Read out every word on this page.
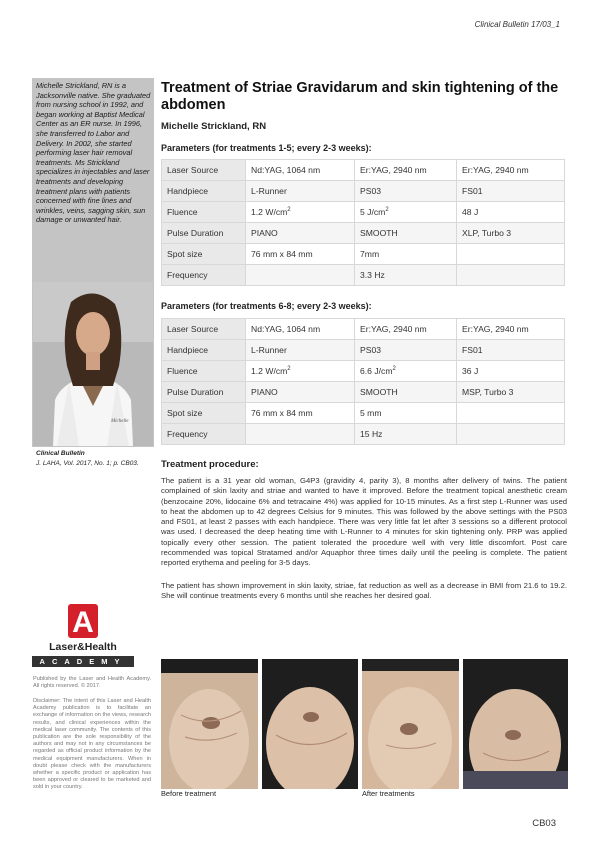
Clinical Bulletin 17/03_1
Michelle Strickland, RN is a Jacksonville native. She graduated from nursing school in 1992, and began working at Baptist Medical Center as an ER nurse. In 1996, she transferred to Labor and Delivery. In 2002, she started performing laser hair removal treatments. Ms Strickland specializes in injectables and laser treatments and developing treatment plans with patients concerned with fine lines and wrinkles, veins, sagging skin, sun damage or unwanted hair.
Michelle
Clinical Bulletin
J. LAHA, Vol. 2017, No. 1; p. CB03.
Treatment of Striae Gravidarum and skin tightening of the abdomen
Michelle Strickland, RN
Parameters (for treatments 1-5; every 2-3 weeks):
Laser Source	Nd:YAG, 1064 nm	Er:YAG, 2940 nm	Er:YAG, 2940 nm
Handpiece	L-Runner	PS03	FS01
Fluence	1.2 $W/cm^2$	5 $J/cm^2$	48 J
Pulse Duration	PIANO	SMOOTH	XLP, Turbo 3
Spot size	76 mm x 84 mm	7mm	
Frequency		3.3 Hz	
Parameters (for treatments 6-8; every 2-3 weeks):
Laser Source	Nd:YAG, 1064 nm	Er:YAG, 2940 nm	Er:YAG, 2940 nm
Handpiece	L-Runner	PS03	FS01
Fluence	1.2 $W/cm^2$	6.6 $J/cm^2$	36 J
Pulse Duration	PIANO	SMOOTH	MSP, Turbo 3
Spot size	76 mm x 84 mm	5 mm	
Frequency		15 Hz	
Treatment procedure:
The patient is a 31 year old woman, G4P3 (gravidity 4, parity 3), 8 months after delivery of twins. The patient complained of skin laxity and striae and wanted to have it improved. Before the treatment topical anesthetic cream (benzocaine 20%, lidocaine 6% and tetracaine 4%) was applied for 10-15 minutes. As a first step L-Runner was used to heat the abdomen up to 42 degrees Celsius for 9 minutes. This was followed by the above settings with the PS03 and FS01, at least 2 passes with each handpiece. There was very little fat let after 3 sessions so a different protocol was used. I decreased the deep heating time with L-Runner to 4 minutes for skin tightening only. PRP was applied topically every other session. The patient tolerated the procedure well with very little discomfort. Post care recommended was topical Stratamed and/or Aquaphor three times daily until the peeling is complete. The patient reported erythema and peeling for 3-5 days.
The patient has shown improvement in skin laxity, striae, fat reduction as well as a decrease in BMI from 21.6 to 19.2. She will continue treatments every 6 months until she reaches her desired goal.
A
Laser&Health
ACADEMY
Published by the Laser and Health Academy. All rights reserved. © 2017.
Disclaimer: The intent of this Laser and Health Academy publication is to facilitate an exchange of information on the views, research results, and clinical experiences within the medical laser community. The contents of this publication are the sole responsibility of the authors and may not in any circumstances be regarded as official product information by the medical equipment manufacturers. When in doubt please check with the manufacturers whether a specific product or application has been approved or cleared to be marketed and sold in your country.
Before treatment	After treatments
CB03
